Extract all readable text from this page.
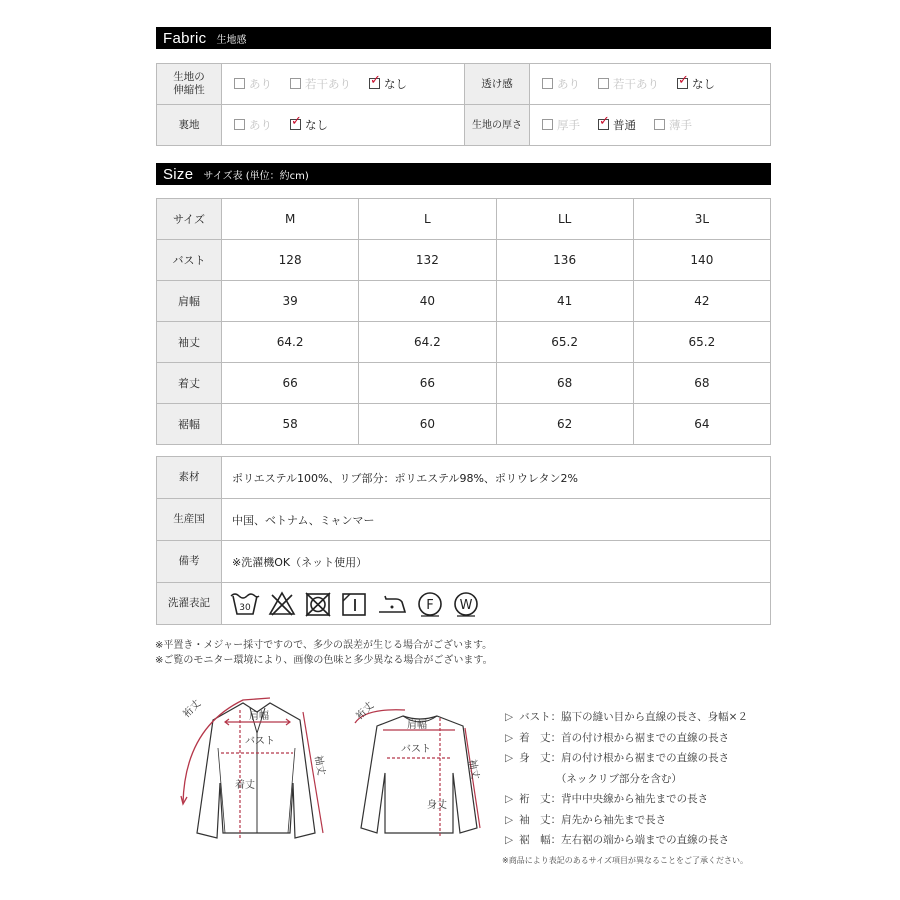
Fabric 生地感
生地の
伸縮性	あり 若干あり ✓ なし	透け感	あり 若干あり ✓ なし
裏地	あり ✓ なし	生地の厚さ	厚手 ✓ 普通 薄手
Size サイズ表 (単位：約cm)
サイズ	M	L	LL	3L
バスト	128	132	136	140
肩幅	39	40	41	42
袖丈	64.2	64.2	65.2	65.2
着丈	66	66	68	68
裾幅	58	60	62	64
素材	ポリエステル100%、リブ部分：ポリエステル98%、ポリウレタン2%
生産国	中国、ベトナム、ミャンマー
備考	※洗濯機OK（ネット使用）
洗濯表記	30 F W
※平置き・メジャー採寸ですので、多少の誤差が生じる場合がございます。
※ご覧のモニター環境により、画像の色味と多少異なる場合がございます。
裄丈	肩幅
バスト
着丈
袖丈
裄丈
肩幅
バスト
身丈
袖丈
▷ バスト：脇下の縫い目から直線の長さ、身幅×２
▷ 着　丈：首の付け根から裾までの直線の長さ
▷ 身　丈：肩の付け根から裾までの直線の長さ
　　　　（ネックリブ部分を含む）
▷ 裄　丈：背中中央線から袖先までの長さ
▷ 袖　丈：肩先から袖先まで長さ
▷ 裾　幅：左右裾の端から端までの直線の長さ
※商品により表記のあるサイズ項目が異なることをご了承ください。
